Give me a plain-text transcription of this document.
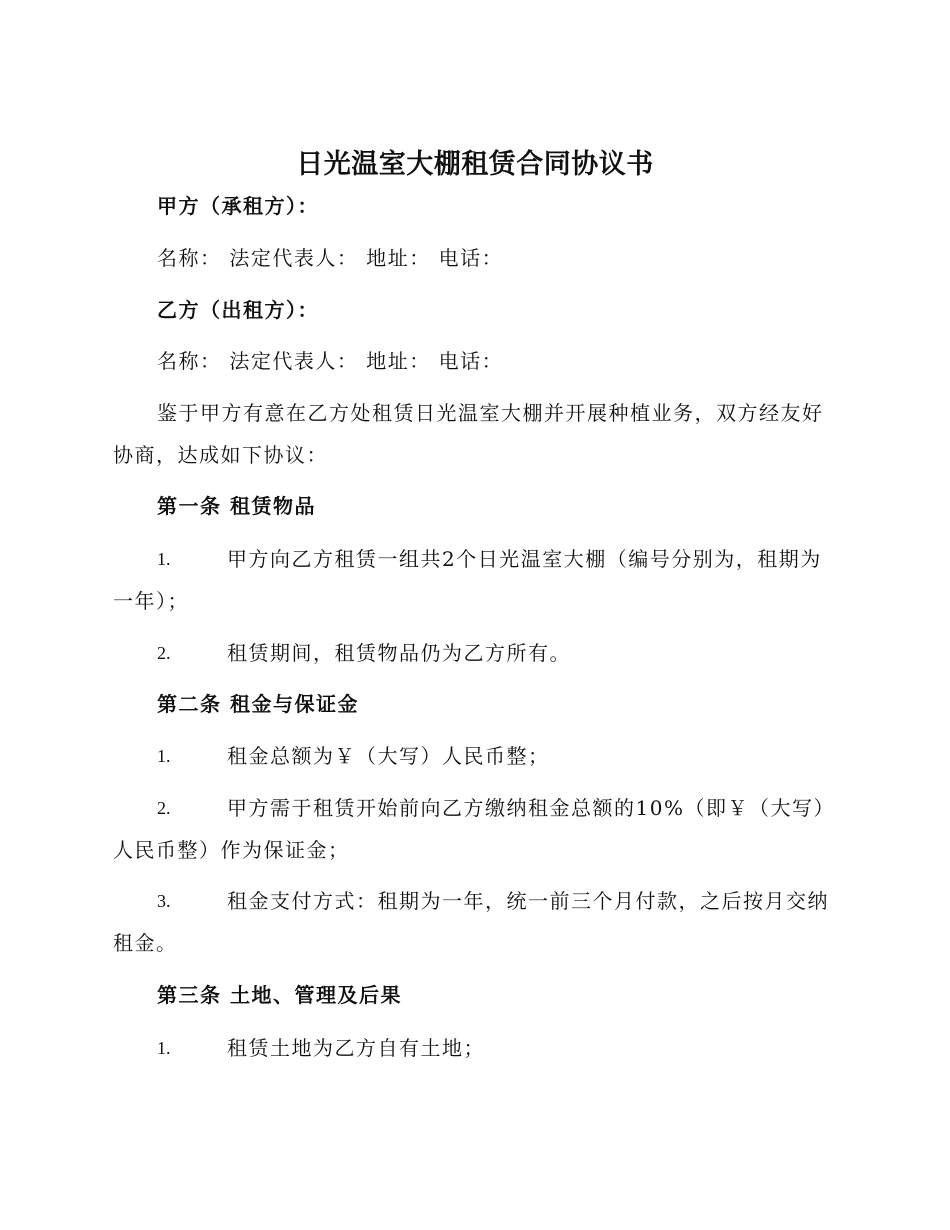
日光温室大棚租赁合同协议书
甲方（承租方）：
名称： 法定代表人： 地址： 电话：
乙方（出租方）：
名称： 法定代表人： 地址： 电话：
鉴于甲方有意在乙方处租赁日光温室大棚并开展种植业务，双方经友好
协商，达成如下协议：
第一条 租赁物品
1.	甲方向乙方租赁一组共2个日光温室大棚（编号分别为，租期为
一年）；
2.	租赁期间，租赁物品仍为乙方所有。
第二条 租金与保证金
1.	租金总额为￥（大写）人民币整；
2.	甲方需于租赁开始前向乙方缴纳租金总额的10%（即￥（大写）
人民币整）作为保证金；
3.	租金支付方式：租期为一年，统一前三个月付款，之后按月交纳
租金。
第三条 土地、管理及后果
1.	租赁土地为乙方自有土地；
